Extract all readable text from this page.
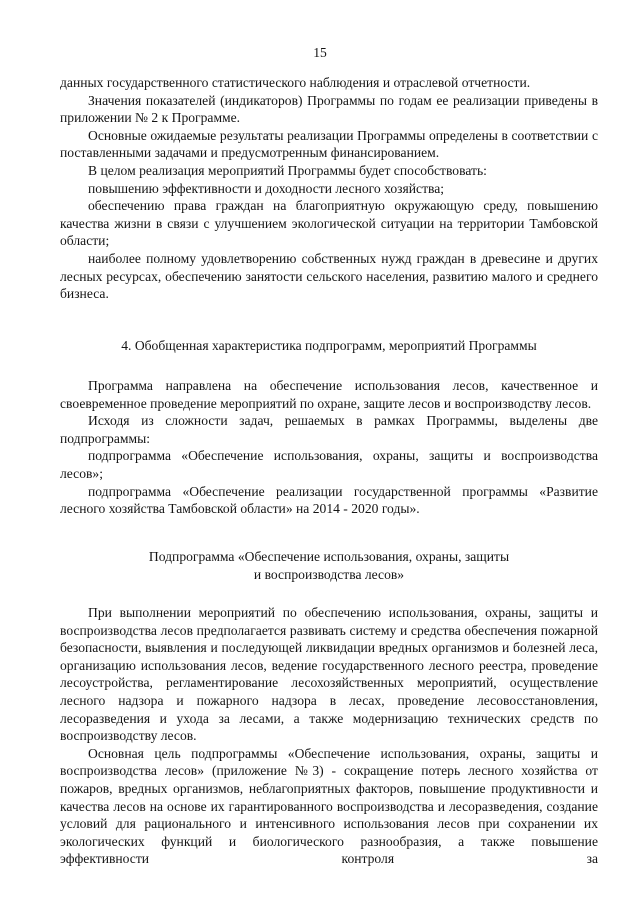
15

данных государственного статистического наблюдения и отраслевой отчетности.

Значения показателей (индикаторов) Программы по годам ее реализации приведены в приложении № 2 к Программе.

Основные ожидаемые результаты реализации Программы определены в соответствии с поставленными задачами и предусмотренным финансированием.

В целом реализация мероприятий Программы будет способствовать:

повышению эффективности и доходности лесного хозяйства;

обеспечению права граждан на благоприятную окружающую среду, повышению качества жизни в связи с улучшением экологической ситуации на территории Тамбовской области;

наиболее полному удовлетворению собственных нужд граждан в древесине и других лесных ресурсах, обеспечению занятости сельского населения, развитию малого и среднего бизнеса.

4. Обобщенная характеристика подпрограмм, мероприятий Программы

Программа направлена на обеспечение использования лесов, качественное и своевременное проведение мероприятий по охране, защите лесов и воспроизводству лесов.

Исходя из сложности задач, решаемых в рамках Программы, выделены две подпрограммы:

подпрограмма «Обеспечение использования, охраны, защиты и воспроизводства лесов»;

подпрограмма «Обеспечение реализации государственной программы «Развитие лесного хозяйства Тамбовской области» на 2014 - 2020 годы».

Подпрограмма «Обеспечение использования, охраны, защиты
и воспроизводства лесов»

При выполнении мероприятий по обеспечению использования, охраны, защиты и воспроизводства лесов предполагается развивать систему и средства обеспечения пожарной безопасности, выявления и последующей ликвидации вредных организмов и болезней леса, организацию использования лесов, ведение государственного лесного реестра, проведение лесоустройства, регламентирование лесохозяйственных мероприятий, осуществление лесного надзора и пожарного надзора в лесах, проведение лесовосстановления, лесоразведения и ухода за лесами, а также модернизацию технических средств по воспроизводству лесов.

Основная цель подпрограммы «Обеспечение использования, охраны, защиты и воспроизводства лесов» (приложение №3) - сокращение потерь лесного хозяйства от пожаров, вредных организмов, неблагоприятных факторов, повышение продуктивности и качества лесов на основе их гарантированного воспроизводства и лесоразведения, создание условий для рационального и интенсивного использования лесов при сохранении их экологических функций и биологического разнообразия, а также повышение эффективности контроля за
